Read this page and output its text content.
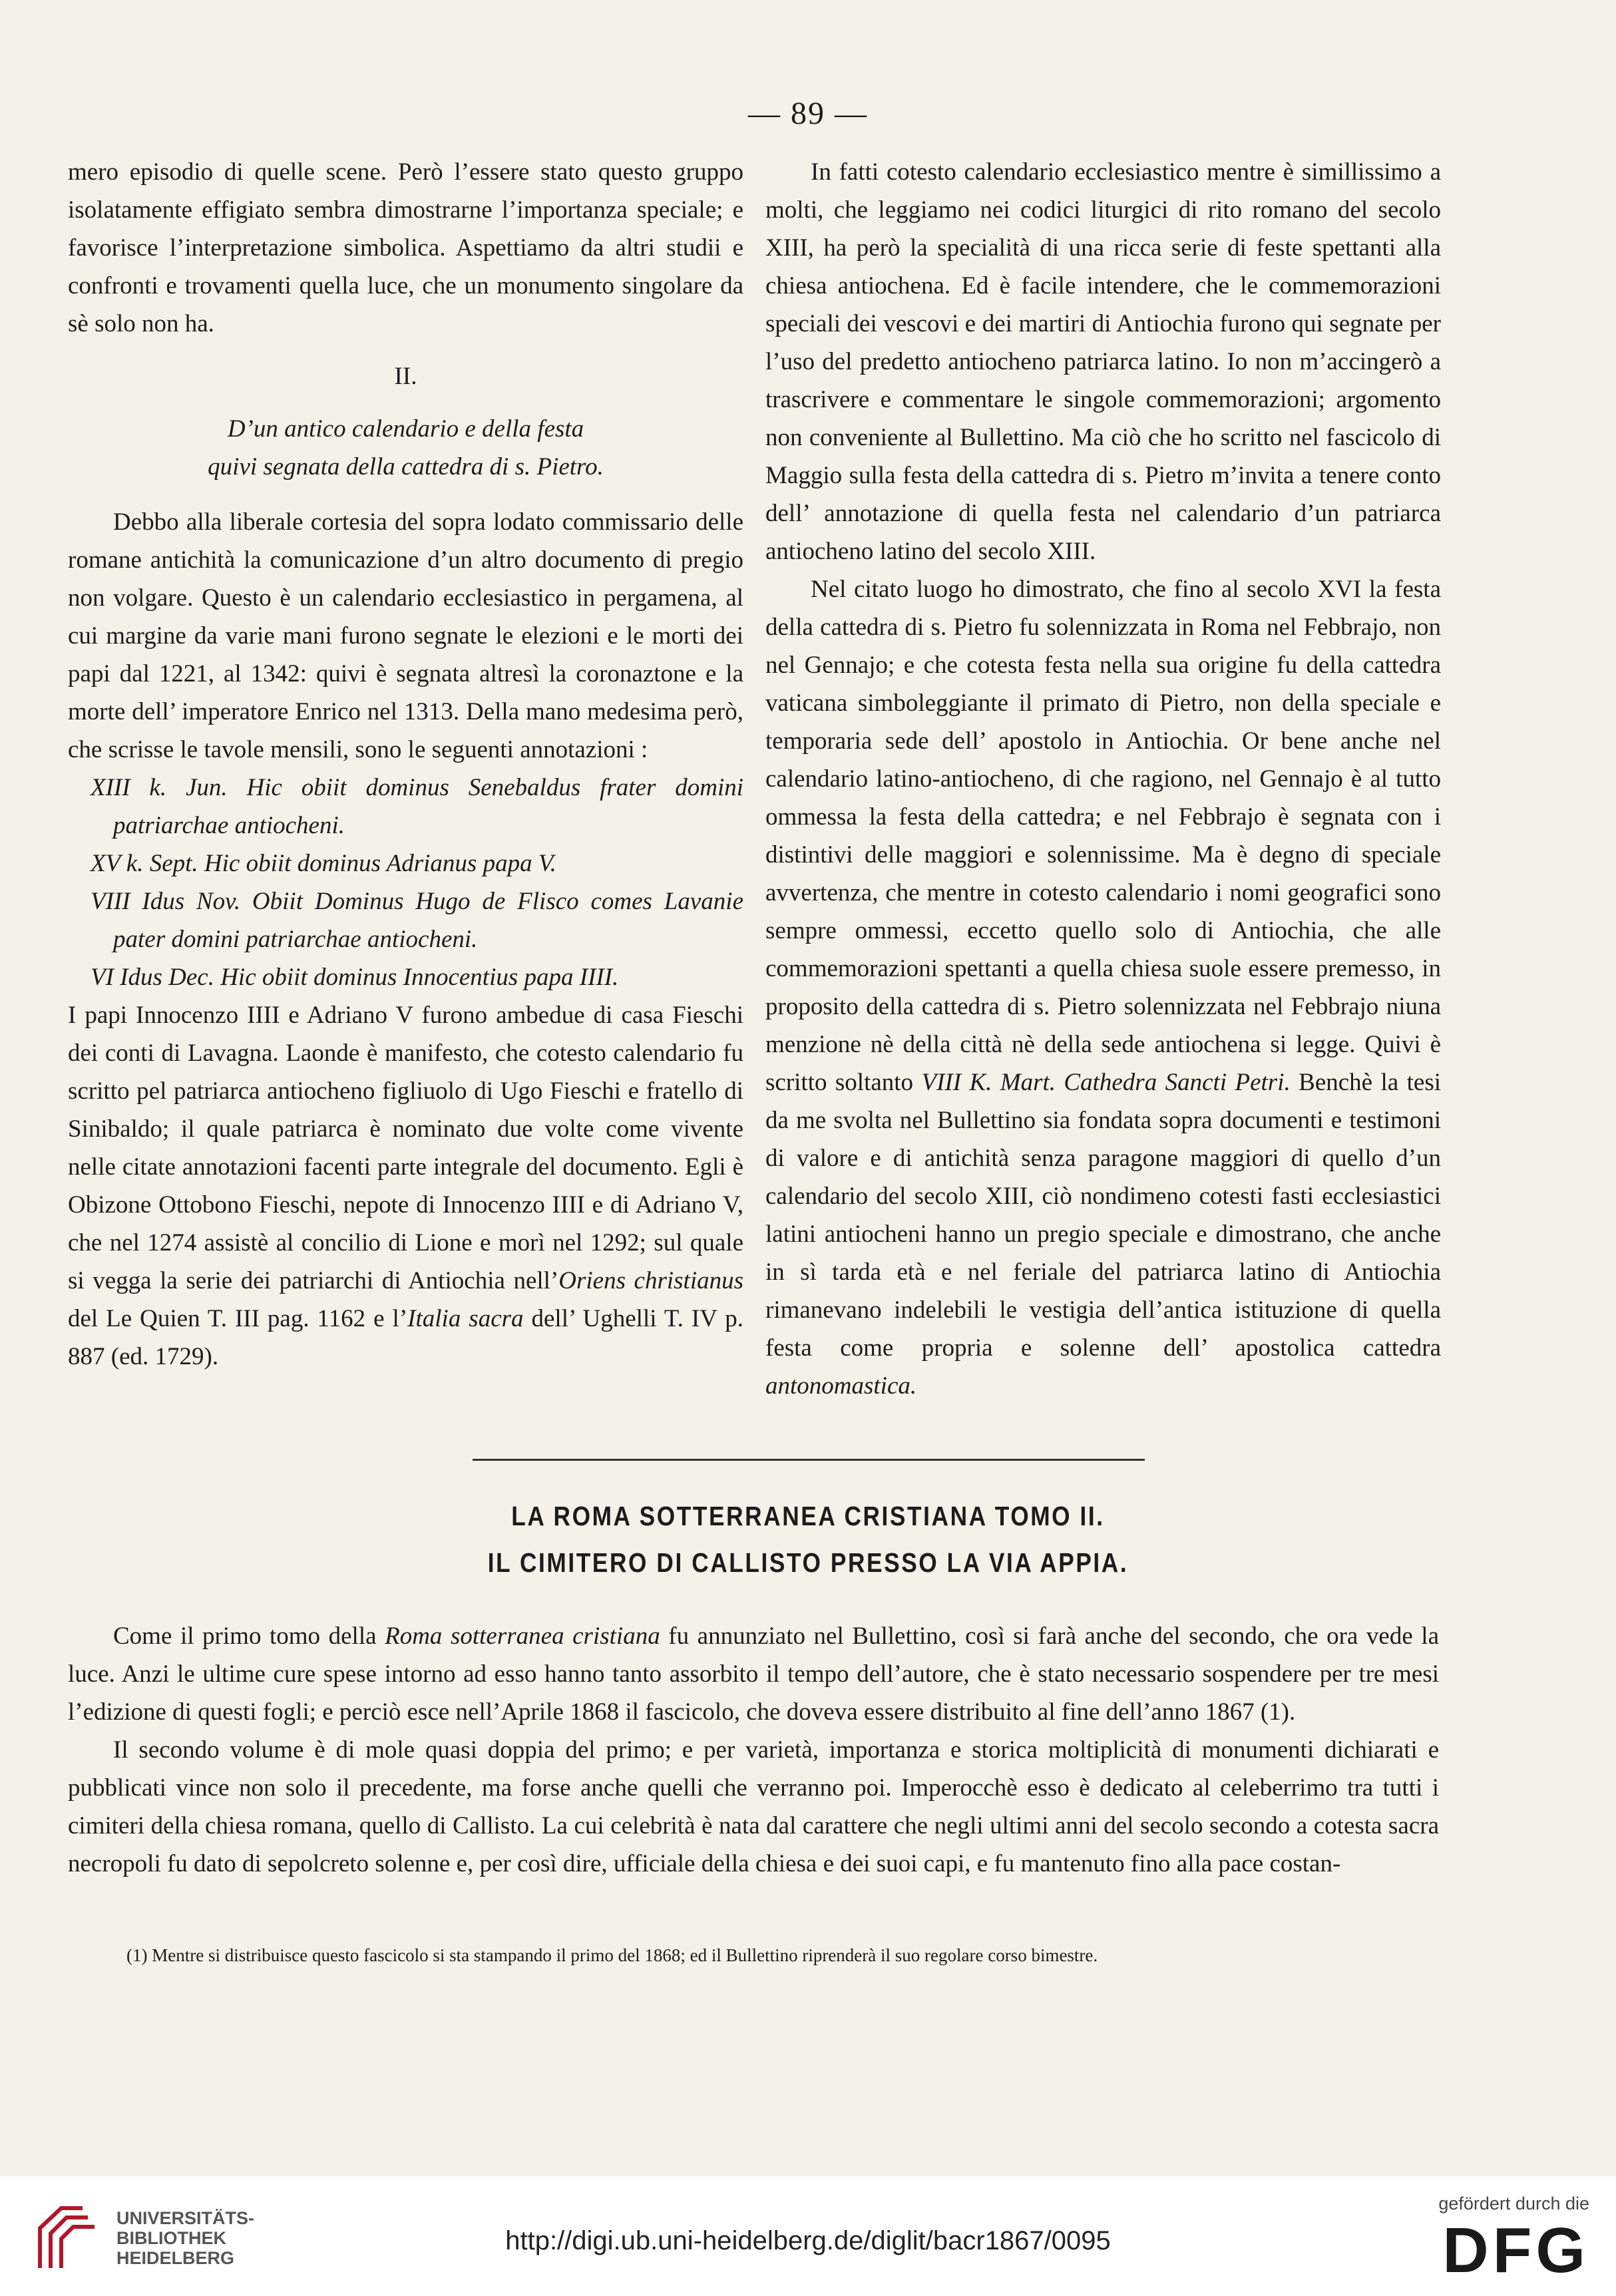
— 89 —

mero episodio di quelle scene. Però l’essere stato questo gruppo isolatamente effigiato sembra dimostrarne l’importanza speciale; e favorisce l’interpretazione simbolica. Aspettiamo da altri studii e confronti e trovamenti quella luce, che un monumento singolare da sè solo non ha.

II.

D’un antico calendario e della festa

quivi segnata della cattedra di s. Pietro.

Debbo alla liberale cortesia del sopra lodato commissario delle romane antichità la comunicazione d’un altro documento di pregio non volgare. Questo è un calendario ecclesiastico in pergamena, al cui margine da varie mani furono segnate le elezioni e le morti dei papi dal 1221, al 1342: quivi è segnata altresì la coronaztone e la morte dell’ imperatore Enrico nel 1313. Della mano medesima però, che scrisse le tavole mensili, sono le seguenti annotazioni :

XIII k. Jun. Hic obiit dominus Senebaldus frater domini patriarchae antiocheni.

XV k. Sept. Hic obiit dominus Adrianus papa V.

VIII Idus Nov. Obiit Dominus Hugo de Flisco comes Lavanie pater domini patriarchae antiocheni.

VI Idus Dec. Hic obiit dominus Innocentius papa IIII.

I papi Innocenzo IIII e Adriano V furono ambedue di casa Fieschi dei conti di Lavagna. Laonde è manifesto, che cotesto calendario fu scritto pel patriarca antiocheno figliuolo di Ugo Fieschi e fratello di Sinibaldo; il quale patriarca è nominato due volte come vivente nelle citate annotazioni facenti parte integrale del documento. Egli è Obizone Ottobono Fieschi, nepote di Innocenzo IIII e di Adriano V, che nel 1274 assistè al concilio di Lione e morì nel 1292; sul quale si vegga la serie dei patriarchi di Antiochia nell’Oriens christianus del Le Quien T. III pag. 1162 e l’Italia sacra dell’ Ughelli T. IV p. 887 (ed. 1729).

In fatti cotesto calendario ecclesiastico mentre è simillissimo a molti, che leggiamo nei codici liturgici di rito romano del secolo XIII, ha però la specialità di una ricca serie di feste spettanti alla chiesa antiochena. Ed è facile intendere, che le commemorazioni speciali dei vescovi e dei martiri di Antiochia furono qui segnate per l’uso del predetto antiocheno patriarca latino. Io non m’accingerò a trascrivere e commentare le singole commemorazioni; argomento non conveniente al Bullettino. Ma ciò che ho scritto nel fascicolo di Maggio sulla festa della cattedra di s. Pietro m’invita a tenere conto dell’ annotazione di quella festa nel calendario d’un patriarca antiocheno latino del secolo XIII.

Nel citato luogo ho dimostrato, che fino al secolo XVI la festa della cattedra di s. Pietro fu solennizzata in Roma nel Febbrajo, non nel Gennajo; e che cotesta festa nella sua origine fu della cattedra vaticana simboleggiante il primato di Pietro, non della speciale e temporaria sede dell’ apostolo in Antiochia. Or bene anche nel calendario latino-antiocheno, di che ragiono, nel Gennajo è al tutto ommessa la festa della cattedra; e nel Febbrajo è segnata con i distintivi delle maggiori e solennissime. Ma è degno di speciale avvertenza, che mentre in cotesto calendario i nomi geografici sono sempre ommessi, eccetto quello solo di Antiochia, che alle commemorazioni spettanti a quella chiesa suole essere premesso, in proposito della cattedra di s. Pietro solennizzata nel Febbrajo niuna menzione nè della città nè della sede antiochena si legge. Quivi è scritto soltanto VIII K. Mart. Cathedra Sancti Petri. Benchè la tesi da me svolta nel Bullettino sia fondata sopra documenti e testimoni di valore e di antichità senza paragone maggiori di quello d’un calendario del secolo XIII, ciò nondimeno cotesti fasti ecclesiastici latini antiocheni hanno un pregio speciale e dimostrano, che anche in sì tarda età e nel feriale del patriarca latino di Antiochia rimanevano indelebili le vestigia dell’antica istituzione di quella festa come propria e solenne dell’ apostolica cattedra antonomastica.

LA ROMA SOTTERRANEA CRISTIANA TOMO II.
IL CIMITERO DI CALLISTO PRESSO LA VIA APPIA.

Come il primo tomo della Roma sotterranea cristiana fu annunziato nel Bullettino, così si farà anche del secondo, che ora vede la luce. Anzi le ultime cure spese intorno ad esso hanno tanto assorbito il tempo dell’autore, che è stato necessario sospendere per tre mesi l’edizione di questi fogli; e perciò esce nell’Aprile 1868 il fascicolo, che doveva essere distribuito al fine dell’anno 1867 (1).

Il secondo volume è di mole quasi doppia del primo; e per varietà, importanza e storica moltiplicità di monumenti dichiarati e pubblicati vince non solo il precedente, ma forse anche quelli che verranno poi. Imperocchè esso è dedicato al celeberrimo tra tutti i cimiteri della chiesa romana, quello di Callisto. La cui celebrità è nata dal carattere che negli ultimi anni del secolo secondo a cotesta sacra necropoli fu dato di sepolcreto solenne e, per così dire, ufficiale della chiesa e dei suoi capi, e fu mantenuto fino alla pace costan-

(1) Mentre si distribuisce questo fascicolo si sta stampando il primo del 1868; ed il Bullettino riprenderà il suo regolare corso bimestre.
UNIVERSITÄTS-
BIBLIOTHEK
HEIDELBERG
http://digi.ub.uni-heidelberg.de/diglit/bacr1867/0095
gefördert durch die
DFG
